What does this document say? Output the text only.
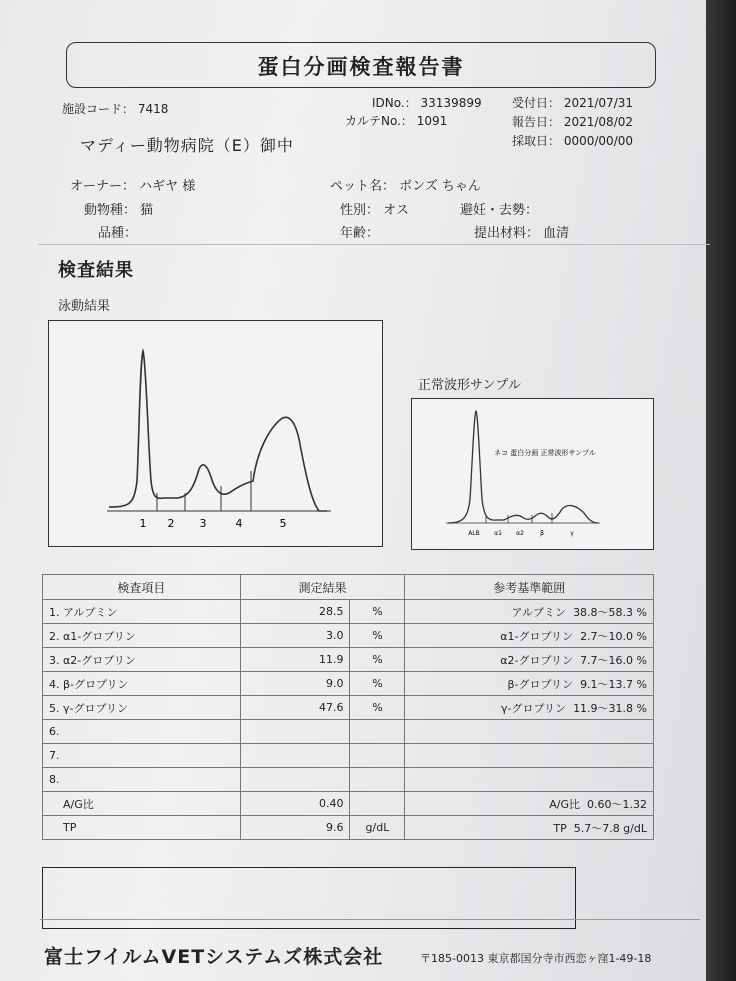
蛋白分画検査報告書
施設コード： 7418	IDNo.： 33139899
カルテNo.： 1091
受付日： 2021/07/31
報告日： 2021/08/02
採取日： 0000/00/00
マディー動物病院（E）御中
オーナー： ハギヤ 様	ペット名： ボンズ ちゃん
動物種： 猫	性別： オス	避妊・去勢：
品種：	年齢：	提出材料： 血清
検査結果
泳動結果
1 2 3	4	5
正常波形サンプル
ネコ 蛋白分画 正常波形サンプル
ALB α1 α2	β	γ
検査項目	測定結果		参考基準範囲
1. アルブミン	28.5	%	アルブミン 38.8～58.3 %
2. α1-グロブリン	3.0	%	α1-グロブリン 2.7～10.0 %
3. α2-グロブリン	11.9	%	α2-グロブリン 7.7～16.0 %
4. β-グロブリン	9.0	%	β-グロブリン 9.1～13.7 %
5. γ-グロブリン	47.6	%	γ-グロブリン 11.9～31.8 %
6.			
7.			
8.			
A/G比	0.40		A/G比 0.60～1.32
TP	9.6	g/dL	TP 5.7～7.8 g/dL
富士フイルムVETシステムズ株式会社	〒185-0013 東京都国分寺市西恋ヶ窪1-49-18
